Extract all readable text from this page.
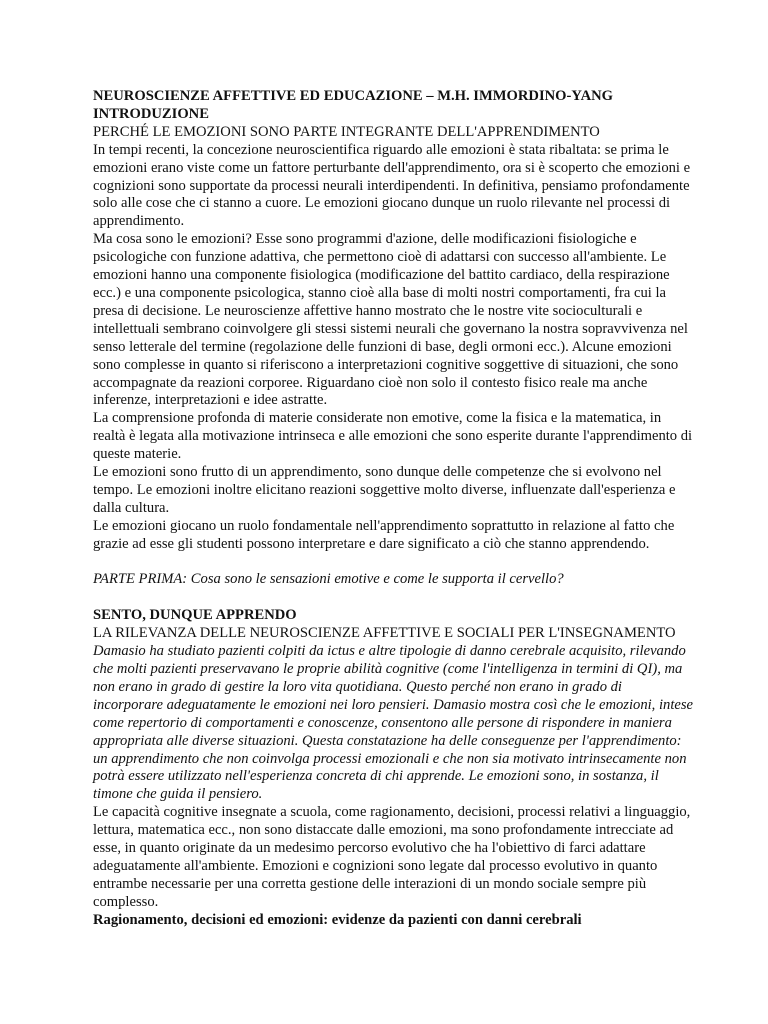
NEUROSCIENZE AFFETTIVE ED EDUCAZIONE – M.H. IMMORDINO-YANG
INTRODUZIONE
PERCHÉ LE EMOZIONI SONO PARTE INTEGRANTE DELL'APPRENDIMENTO

In tempi recenti, la concezione neuroscientifica riguardo alle emozioni è stata ribaltata: se prima le emozioni erano viste come un fattore perturbante dell'apprendimento, ora si è scoperto che emozioni e cognizioni sono supportate da processi neurali interdipendenti. In definitiva, pensiamo profondamente solo alle cose che ci stanno a cuore. Le emozioni giocano dunque un ruolo rilevante nel processi di apprendimento.

Ma cosa sono le emozioni? Esse sono programmi d'azione, delle modificazioni fisiologiche e psicologiche con funzione adattiva, che permettono cioè di adattarsi con successo all'ambiente. Le emozioni hanno una componente fisiologica (modificazione del battito cardiaco, della respirazione ecc.) e una componente psicologica, stanno cioè alla base di molti nostri comportamenti, fra cui la presa di decisione. Le neuroscienze affettive hanno mostrato che le nostre vite socioculturali e intellettuali sembrano coinvolgere gli stessi sistemi neurali che governano la nostra sopravvivenza nel senso letterale del termine (regolazione delle funzioni di base, degli ormoni ecc.). Alcune emozioni sono complesse in quanto si riferiscono a interpretazioni cognitive soggettive di situazioni, che sono accompagnate da reazioni corporee. Riguardano cioè non solo il contesto fisico reale ma anche inferenze, interpretazioni e idee astratte.

La comprensione profonda di materie considerate non emotive, come la fisica e la matematica, in realtà è legata alla motivazione intrinseca e alle emozioni che sono esperite durante l'apprendimento di queste materie.

Le emozioni sono frutto di un apprendimento, sono dunque delle competenze che si evolvono nel tempo. Le emozioni inoltre elicitano reazioni soggettive molto diverse, influenzate dall'esperienza e dalla cultura.

Le emozioni giocano un ruolo fondamentale nell'apprendimento soprattutto in relazione al fatto che grazie ad esse gli studenti possono interpretare e dare significato a ciò che stanno apprendendo.

PARTE PRIMA: Cosa sono le sensazioni emotive e come le supporta il cervello?

SENTO, DUNQUE APPRENDO
LA RILEVANZA DELLE NEUROSCIENZE AFFETTIVE E SOCIALI PER L'INSEGNAMENTO

Damasio ha studiato pazienti colpiti da ictus e altre tipologie di danno cerebrale acquisito, rilevando che molti pazienti preservavano le proprie abilità cognitive (come l'intelligenza in termini di QI), ma non erano in grado di gestire la loro vita quotidiana. Questo perché non erano in grado di incorporare adeguatamente le emozioni nei loro pensieri. Damasio mostra così che le emozioni, intese come repertorio di comportamenti e conoscenze, consentono alle persone di rispondere in maniera appropriata alle diverse situazioni. Questa constatazione ha delle conseguenze per l'apprendimento: un apprendimento che non coinvolga processi emozionali e che non sia motivato intrinsecamente non potrà essere utilizzato nell'esperienza concreta di chi apprende. Le emozioni sono, in sostanza, il timone che guida il pensiero.

Le capacità cognitive insegnate a scuola, come ragionamento, decisioni, processi relativi a linguaggio, lettura, matematica ecc., non sono distaccate dalle emozioni, ma sono profondamente intrecciate ad esse, in quanto originate da un medesimo percorso evolutivo che ha l'obiettivo di farci adattare adeguatamente all'ambiente. Emozioni e cognizioni sono legate dal processo evolutivo in quanto entrambe necessarie per una corretta gestione delle interazioni di un mondo sociale sempre più complesso.

Ragionamento, decisioni ed emozioni: evidenze da pazienti con danni cerebrali
